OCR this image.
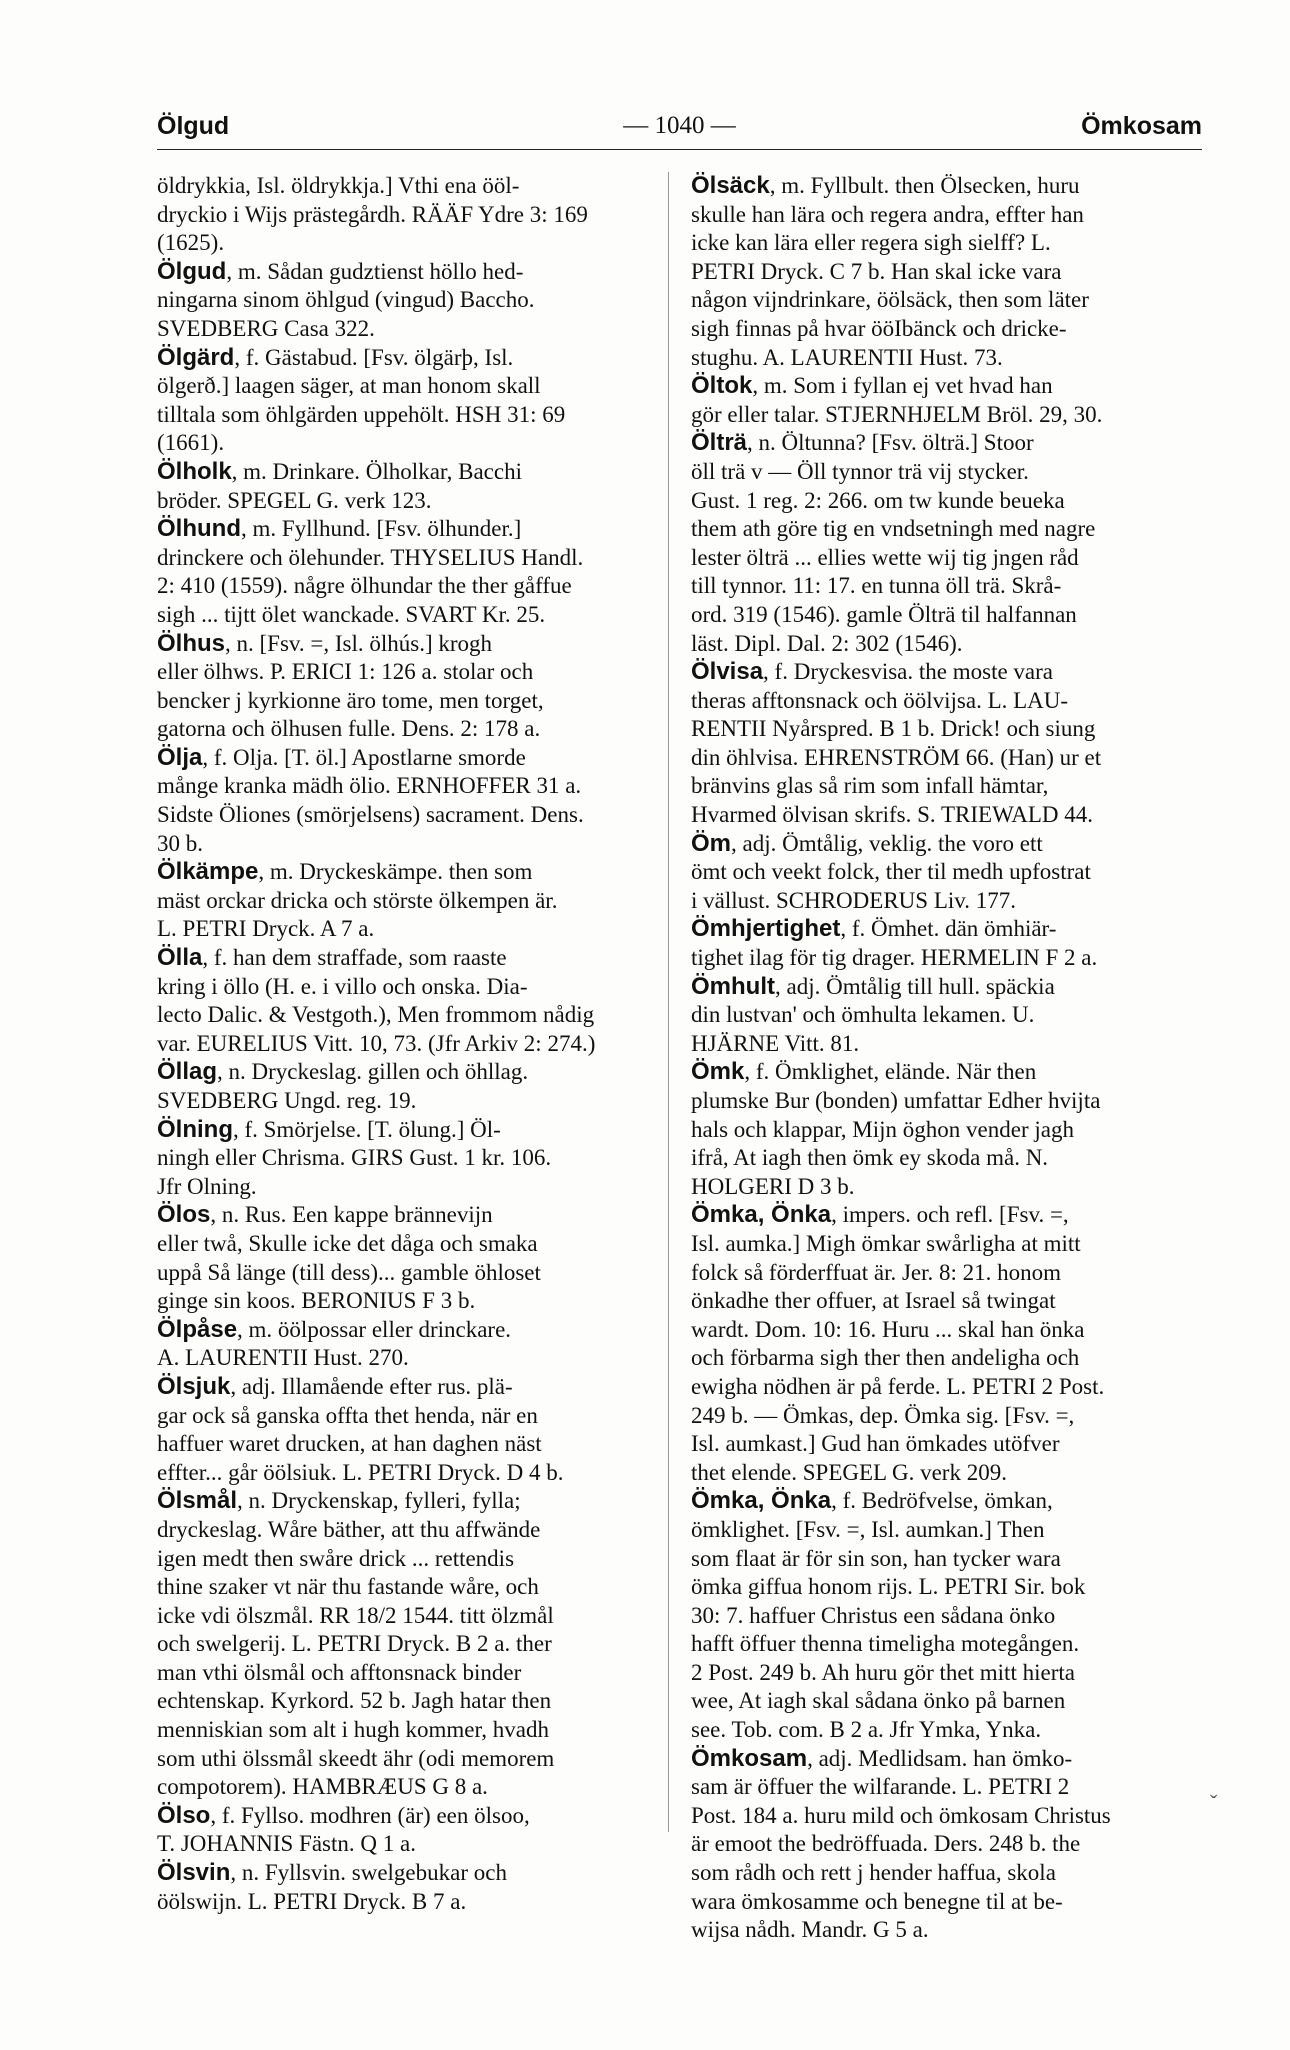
Ölgud	— 1040 —	Ömkosam
öldrykkia, Isl. öldrykkja.] Vthi ena ööl-
dryckio i Wijs prästegårdh. RÄÄF Ydre 3: 169
(1625).
Ölgud, m. Sådan gudztienst höllo hed-
ningarna sinom öhlgud (vingud) Baccho.
SVEDBERG Casa 322.
Ölgärd, f. Gästabud. [Fsv. ölgärþ, Isl.
ölgerð.] laagen säger, at man honom skall
tilltala som öhlgärden uppehölt. HSH 31: 69
(1661).
Ölholk, m. Drinkare. Ölholkar, Bacchi
bröder. SPEGEL G. verk 123.
Ölhund, m. Fyllhund. [Fsv. ölhunder.]
drinckere och ölehunder. THYSELIUS Handl.
2: 410 (1559). någre ölhundar the ther gåffue
sigh ... tijtt ölet wanckade. SVART Kr. 25.
Ölhus, n. [Fsv. =, Isl. ölhús.] krogh
eller ölhws. P. ERICI 1: 126 a. stolar och
bencker j kyrkionne äro tome, men torget,
gatorna och ölhusen fulle. Dens. 2: 178 a.
Ölja, f. Olja. [T. öl.] Apostlarne smorde
månge kranka mädh ölio. ERNHOFFER 31 a.
Sidste Öliones (smörjelsens) sacrament. Dens.
30 b.
Ölkämpe, m. Dryckeskämpe. then som
mäst orckar dricka och störste ölkempen är.
L. PETRI Dryck. A 7 a.
Ölla, f. han dem straffade, som raaste
kring i öllo (H. e. i villo och onska. Dia-
lecto Dalic. & Vestgoth.), Men frommom nådig
var. EURELIUS Vitt. 10, 73. (Jfr Arkiv 2: 274.)
Öllag, n. Dryckeslag. gillen och öhllag.
SVEDBERG Ungd. reg. 19.
Ölning, f. Smörjelse. [T. ölung.] Öl-
ningh eller Chrisma. GIRS Gust. 1 kr. 106.
Jfr Olning.
Ölos, n. Rus. Een kappe brännevijn
eller twå, Skulle icke det dåga och smaka
uppå Så länge (till dess)... gamble öhloset
ginge sin koos. BERONIUS F 3 b.
Ölpåse, m. öölpossar eller drinckare.
A. LAURENTII Hust. 270.
Ölsjuk, adj. Illamående efter rus. plä-
gar ock så ganska offta thet henda, när en
haffuer waret drucken, at han daghen näst
effter... går öölsiuk. L. PETRI Dryck. D 4 b.
Ölsmål, n. Dryckenskap, fylleri, fylla;
dryckeslag. Wåre bäther, att thu affwände
igen medt then swåre drick ... rettendis
thine szaker vt när thu fastande wåre, och
icke vdi ölszmål. RR 18/2 1544. titt ölzmål
och swelgerij. L. PETRI Dryck. B 2 a. ther
man vthi ölsmål och afftonsnack binder
echtenskap. Kyrkord. 52 b. Jagh hatar then
menniskian som alt i hugh kommer, hvadh
som uthi ölssmål skeedt ähr (odi memorem
compotorem). HAMBRÆUS G 8 a.
Ölso, f. Fyllso. modhren (är) een ölsoo,
T. JOHANNIS Fästn. Q 1 a.
Ölsvin, n. Fyllsvin. swelgebukar och
öölswijn. L. PETRI Dryck. B 7 a.
Ölsäck, m. Fyllbult. then Ölsecken, huru
skulle han lära och regera andra, effter han
icke kan lära eller regera sigh sielff? L.
PETRI Dryck. C 7 b. Han skal icke vara
någon vijndrinkare, öölsäck, then som läter
sigh finnas på hvar ööIbänck och dricke-
stughu. A. LAURENTII Hust. 73.
Öltok, m. Som i fyllan ej vet hvad han
gör eller talar. STJERNHJELM Bröl. 29, 30.
Ölträ, n. Öltunna? [Fsv. ölträ.] Stoor
öll trä v — Öll tynnor trä vij stycker.
Gust. 1 reg. 2: 266. om tw kunde beueka
them ath göre tig en vndsetningh med nagre
lester ölträ ... ellies wette wij tig jngen råd
till tynnor. 11: 17. en tunna öll trä. Skrå-
ord. 319 (1546). gamle Ölträ til halfannan
läst. Dipl. Dal. 2: 302 (1546).
Ölvisa, f. Dryckesvisa. the moste vara
theras afftonsnack och öölvijsa. L. LAU-
RENTII Nyårspred. B 1 b. Drick! och siung
din öhlvisa. EHRENSTRÖM 66. (Han) ur et
bränvins glas så rim som infall hämtar,
Hvarmed ölvisan skrifs. S. TRIEWALD 44.
Öm, adj. Ömtålig, veklig. the voro ett
ömt och veekt folck, ther til medh upfostrat
i vällust. SCHRODERUS Liv. 177.
Ömhjertighet, f. Ömhet. dän ömhiär-
tighet ilag för tig drager. HERMELIN F 2 a.
Ömhult, adj. Ömtålig till hull. späckia
din lustvan' och ömhulta lekamen. U.
HJÄRNE Vitt. 81.
Ömk, f. Ömklighet, elände. När then
plumske Bur (bonden) umfattar Edher hvijta
hals och klappar, Mijn öghon vender jagh
ifrå, At iagh then ömk ey skoda må. N.
HOLGERI D 3 b.
Ömka, Önka, impers. och refl. [Fsv. =,
Isl. aumka.] Migh ömkar swårligha at mitt
folck så förderffuat är. Jer. 8: 21. honom
önkadhe ther offuer, at Israel så twingat
wardt. Dom. 10: 16. Huru ... skal han önka
och förbarma sigh ther then andeligha och
ewigha nödhen är på ferde. L. PETRI 2 Post.
249 b. — Ömkas, dep. Ömka sig. [Fsv. =,
Isl. aumkast.] Gud han ömkades utöfver
thet elende. SPEGEL G. verk 209.
Ömka, Önka, f. Bedröfvelse, ömkan,
ömklighet. [Fsv. =, Isl. aumkan.] Then
som flaat är för sin son, han tycker wara
ömka giffua honom rijs. L. PETRI Sir. bok
30: 7. haffuer Christus een sådana önko
hafft öffuer thenna timeligha motegången.
2 Post. 249 b. Ah huru gör thet mitt hierta
wee, At iagh skal sådana önko på barnen
see. Tob. com. B 2 a. Jfr Ymka, Ynka.
Ömkosam, adj. Medlidsam. han ömko-
sam är öffuer the wilfarande. L. PETRI 2
Post. 184 a. huru mild och ömkosam Christus
är emoot the bedröffuada. Ders. 248 b. the
som rådh och rett j hender haffua, skola
wara ömkosamme och benegne til at be-
wijsa nådh. Mandr. G 5 a.
ˇ
